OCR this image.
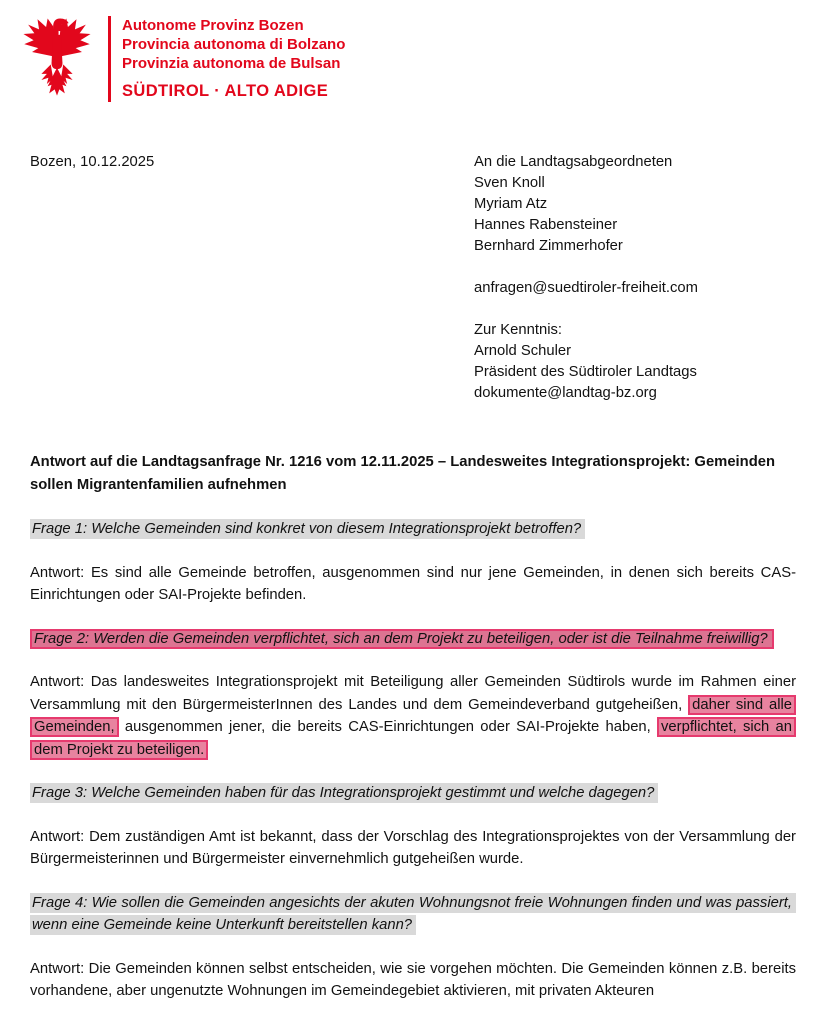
Autonome Provinz Bozen
Provincia autonoma di Bolzano
Provinzia autonoma de Bulsan
SÜDTIROL · ALTO ADIGE
Bozen, 10.12.2025	An die Landtagsabgeordneten
Sven Knoll
Myriam Atz
Hannes Rabensteiner
Bernhard Zimmerhofer
anfragen@suedtiroler-freiheit.com
Zur Kenntnis:
Arnold Schuler
Präsident des Südtiroler Landtags
dokumente@landtag-bz.org
Antwort auf die Landtagsanfrage Nr. 1216 vom 12.11.2025 – Landesweites Integrationsprojekt: Gemeinden sollen Migrantenfamilien aufnehmen

Frage 1: Welche Gemeinden sind konkret von diesem Integrationsprojekt betroffen?

Antwort: Es sind alle Gemeinde betroffen, ausgenommen sind nur jene Gemeinden, in denen sich bereits CAS-Einrichtungen oder SAI-Projekte befinden.

Frage 2: Werden die Gemeinden verpflichtet, sich an dem Projekt zu beteiligen, oder ist die Teilnahme freiwillig?

Antwort: Das landesweites Integrationsprojekt mit Beteiligung aller Gemeinden Südtirols wurde im Rahmen einer Versammlung mit den BürgermeisterInnen des Landes und dem Gemeindeverband gutgeheißen, daher sind alle Gemeinden, ausgenommen jener, die bereits CAS-Einrichtungen oder SAI-Projekte haben, verpflichtet, sich an dem Projekt zu beteiligen.

Frage 3: Welche Gemeinden haben für das Integrationsprojekt gestimmt und welche dagegen?

Antwort: Dem zuständigen Amt ist bekannt, dass der Vorschlag des Integrationsprojektes von der Versammlung der Bürgermeisterinnen und Bürgermeister einvernehmlich gutgeheißen wurde.

Frage 4: Wie sollen die Gemeinden angesichts der akuten Wohnungsnot freie Wohnungen finden und was passiert, wenn eine Gemeinde keine Unterkunft bereitstellen kann?

Antwort: Die Gemeinden können selbst entscheiden, wie sie vorgehen möchten. Die Gemeinden können z.B. bereits vorhandene, aber ungenutzte Wohnungen im Gemeindegebiet aktivieren, mit privaten Akteuren
